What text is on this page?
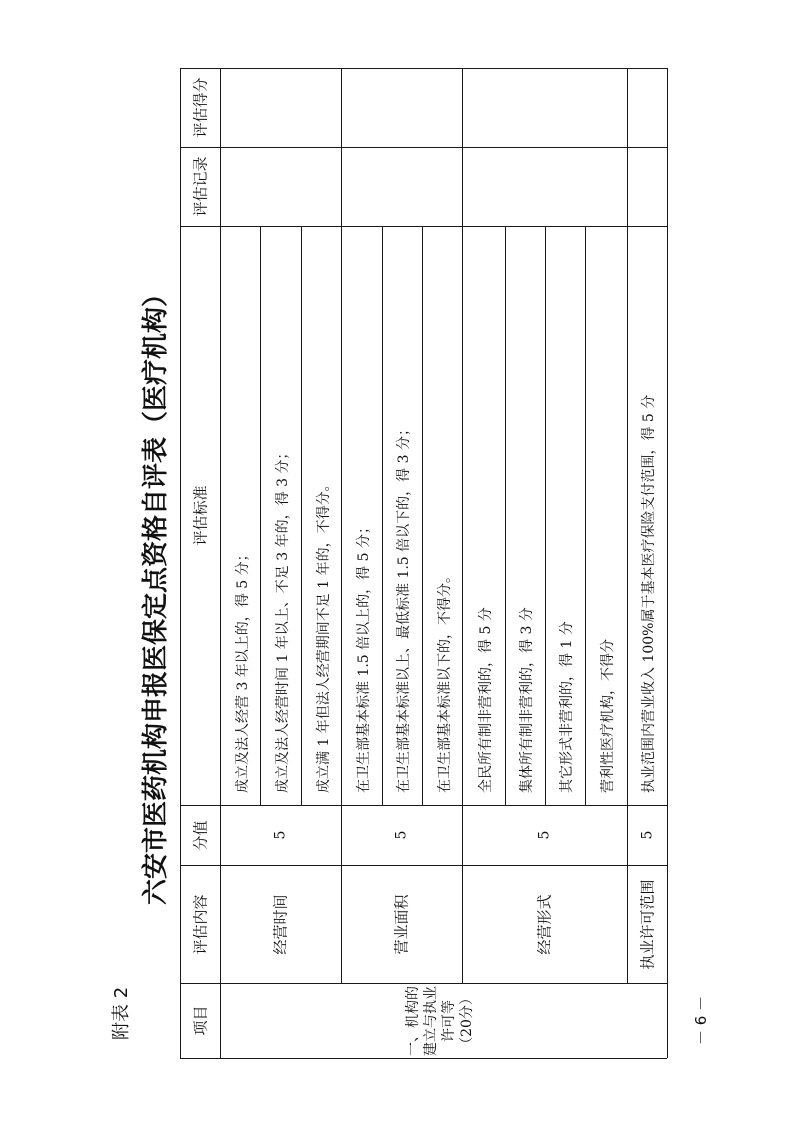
附表 2
六安市医药机构申报医保定点资格自评表（医疗机构）
－ 6 －
评估得分
评估记录
评估标准
分值
评估内容
项目	一、机构的建立与执业许可等（20分）
经营时间
5
成立及法人经营 3 年以上的，得 5 分； 成立及法人经营时间 1 年以上、不足 3 年的，得 3 分； 成立满 1 年但法人经营期间不足 1 年的，不得分。
营业面积
5
在卫生部基本标准 1.5 倍以上的，得 5 分； 在卫生部基本标准以上、最低标准 1.5 倍以下的，得 3 分； 在卫生部基本标准以下的，不得分。
经营形式
5
全民所有制非营利的，得 5 分 集体所有制非营利的，得 3 分 其它形式非营利的，得 1 分 营利性医疗机构，不得分
执业许可范围
5
执业范围内营业收入 100%属于基本医疗保险支付范围，得 5 分
